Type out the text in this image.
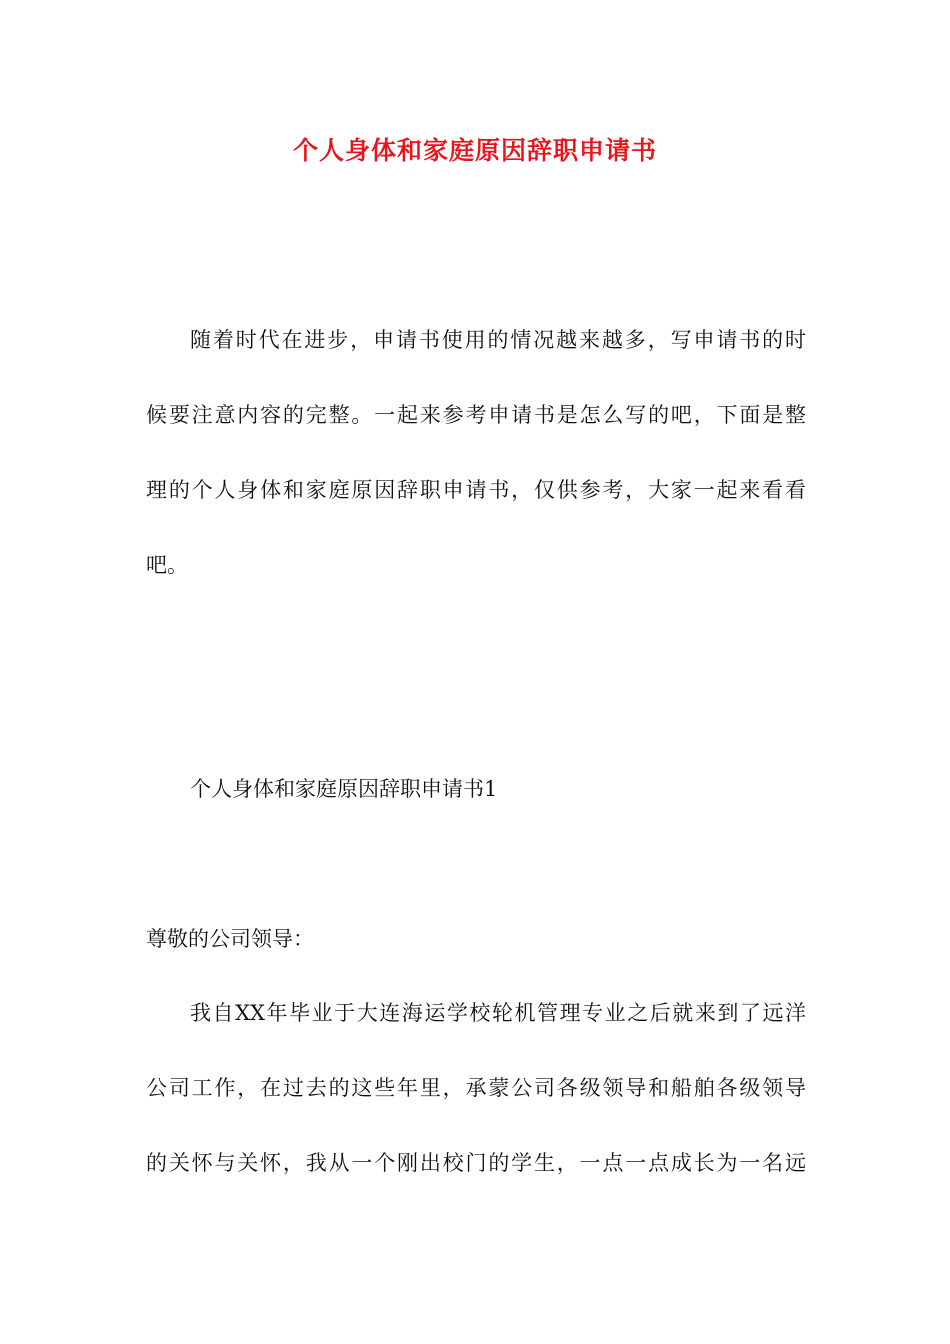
个人身体和家庭原因辞职申请书
随着时代在进步，申请书使用的情况越来越多，写申请书的时
候要注意内容的完整。一起来参考申请书是怎么写的吧，下面是整
理的个人身体和家庭原因辞职申请书，仅供参考，大家一起来看看
吧。
个人身体和家庭原因辞职申请书1
尊敬的公司领导：
我自XX年毕业于大连海运学校轮机管理专业之后就来到了远洋
公司工作，在过去的这些年里，承蒙公司各级领导和船舶各级领导
的关怀与关怀，我从一个刚出校门的学生，一点一点成长为一名远
